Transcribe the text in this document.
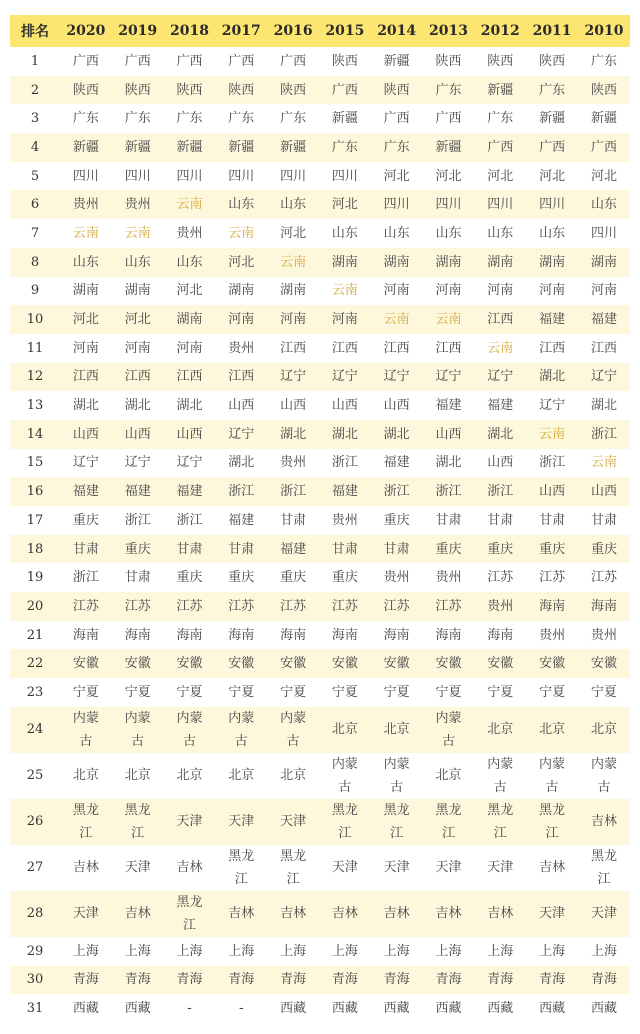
排名	2020	2019	2018	2017	2016	2015	2014	2013	2012	2011	2010
1	广西	广西	广西	广西	广西	陕西	新疆	陕西	陕西	陕西	广东

2	陕西	陕西	陕西	陕西	陕西	广西	陕西	广东	新疆	广东	陕西

3	广东	广东	广东	广东	广东	新疆	广西	广西	广东	新疆	新疆

4	新疆	新疆	新疆	新疆	新疆	广东	广东	新疆	广西	广西	广西

5	四川	四川	四川	四川	四川	四川	河北	河北	河北	河北	河北

6	贵州	贵州	云南	山东	山东	河北	四川	四川	四川	四川	山东

7	云南	云南	贵州	云南	河北	山东	山东	山东	山东	山东	四川

8	山东	山东	山东	河北	云南	湖南	湖南	湖南	湖南	湖南	湖南

9	湖南	湖南	河北	湖南	湖南	云南	河南	河南	河南	河南	河南

10	河北	河北	湖南	河南	河南	河南	云南	云南	江西	福建	福建

11	河南	河南	河南	贵州	江西	江西	江西	江西	云南	江西	江西

12	江西	江西	江西	江西	辽宁	辽宁	辽宁	辽宁	辽宁	湖北	辽宁

13	湖北	湖北	湖北	山西	山西	山西	山西	福建	福建	辽宁	湖北

14	山西	山西	山西	辽宁	湖北	湖北	湖北	山西	湖北	云南	浙江

15	辽宁	辽宁	辽宁	湖北	贵州	浙江	福建	湖北	山西	浙江	云南

16	福建	福建	福建	浙江	浙江	福建	浙江	浙江	浙江	山西	山西

17	重庆	浙江	浙江	福建	甘肃	贵州	重庆	甘肃	甘肃	甘肃	甘肃

18	甘肃	重庆	甘肃	甘肃	福建	甘肃	甘肃	重庆	重庆	重庆	重庆

19	浙江	甘肃	重庆	重庆	重庆	重庆	贵州	贵州	江苏	江苏	江苏

20	江苏	江苏	江苏	江苏	江苏	江苏	江苏	江苏	贵州	海南	海南

21	海南	海南	海南	海南	海南	海南	海南	海南	海南	贵州	贵州

22	安徽	安徽	安徽	安徽	安徽	安徽	安徽	安徽	安徽	安徽	安徽

23	宁夏	宁夏	宁夏	宁夏	宁夏	宁夏	宁夏	宁夏	宁夏	宁夏	宁夏

24	内蒙古	内蒙古	内蒙古	内蒙古	内蒙古	北京	北京	内蒙古	北京	北京	北京

25	北京	北京	北京	北京	北京	内蒙古	内蒙古	北京	内蒙古	内蒙古	内蒙古

26	黑龙江	黑龙江	天津	天津	天津	黑龙江	黑龙江	黑龙江	黑龙江	黑龙江	吉林

27	吉林	天津	吉林	黑龙江	黑龙江	天津	天津	天津	天津	吉林	黑龙江

28	天津	吉林	黑龙江	吉林	吉林	吉林	吉林	吉林	吉林	天津	天津

29	上海	上海	上海	上海	上海	上海	上海	上海	上海	上海	上海

30	青海	青海	青海	青海	青海	青海	青海	青海	青海	青海	青海

31	西藏	西藏	-	-	西藏	西藏	西藏	西藏	西藏	西藏	西藏
